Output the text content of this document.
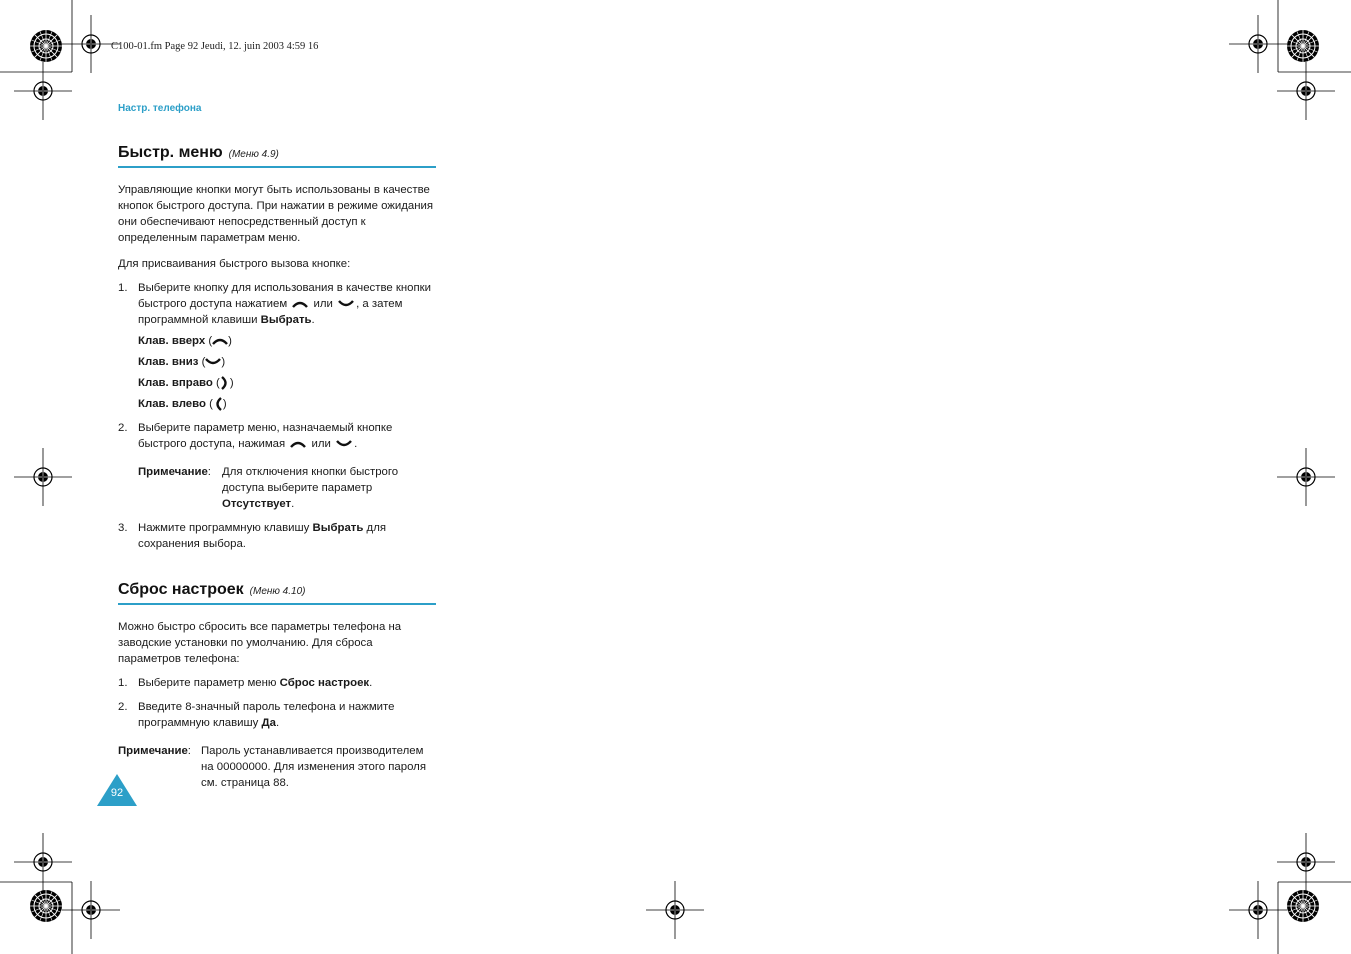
C100-01.fm Page 92 Jeudi, 12. juin 2003 4:59 16
Настр. телефона
Быстр. меню (Меню 4.9)

Управляющие кнопки могут быть использованы в качестве кнопок быстрого доступа. При нажатии в режиме ожидания они обеспечивают непосредственный доступ к определенным параметрам меню.

Для присваивания быстрого вызова кнопке:

1. Выберите кнопку для использования в качестве кнопки быстрого доступа нажатием или , а затем программной клавиши Выбрать.
Клав. вверх ( )
Клав. вниз ( )
Клав. вправо ( )
Клав. влево ( )
2. Выберите параметр меню, назначаемый кнопке быстрого доступа, нажимая или .
Примечание: Для отключения кнопки быстрого доступа выберите параметр Отсутствует.
3. Нажмите программную клавишу Выбрать для сохранения выбора.
Сброс настроек (Меню 4.10)

Можно быстро сбросить все параметры телефона на заводские установки по умолчанию. Для сброса параметров телефона:

1. Выберите параметр меню Сброс настроек.
2. Введите 8-значный пароль телефона и нажмите программную клавишу Да.
Примечание: Пароль устанавливается производителем на 00000000. Для изменения этого пароля см. страница 88.
92
